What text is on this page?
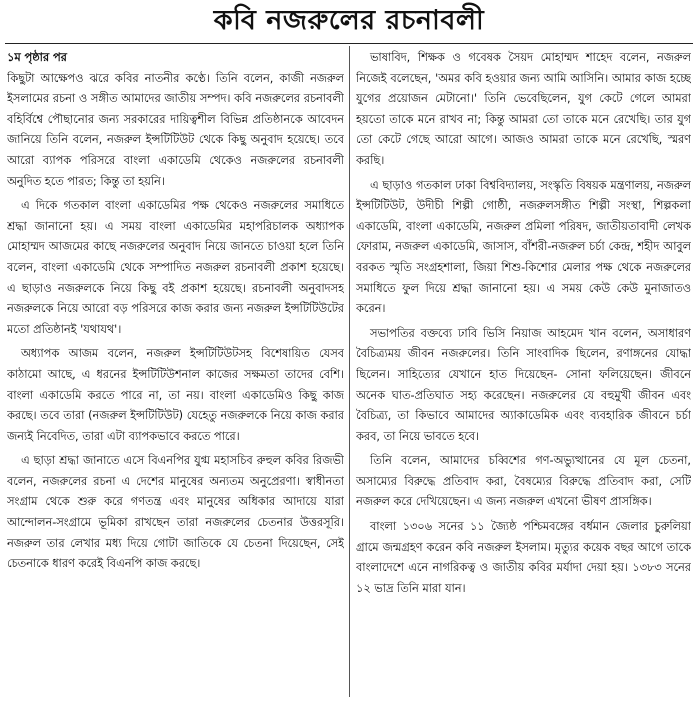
কবি নজরুলের রচনাবলী
১ম পৃষ্ঠার পর

কিছুটা আক্ষেপও ঝরে কবির নাতনীর কণ্ঠে। তিনি বলেন, কাজী নজরুল ইসলামের রচনা ও সঙ্গীত আমাদের জাতীয় সম্পদ। কবি নজরুলের রচনাবলী বহির্বিশ্বে পৌছানোর জন্য সরকারের দায়িত্বশীল বিভিন্ন প্রতিষ্ঠানকে আবেদন জানিয়ে তিনি বলেন, নজরুল ইন্সটিটিউট থেকে কিছু অনুবাদ হয়েছে। তবে আরো ব্যাপক পরিসরে বাংলা একাডেমি থেকেও নজরুলের রচনাবলী অনুদিত হতে পারত; কিন্তু তা হয়নি।

এ দিকে গতকাল বাংলা একাডেমির পক্ষ থেকেও নজরুলের সমাধিতে শ্রদ্ধা জানানো হয়। এ সময় বাংলা একাডেমির মহাপরিচালক অধ্যাপক মোহাম্মদ আজমের কাছে নজরুলের অনুবাদ নিয়ে জানতে চাওয়া হলে তিনি বলেন, বাংলা একাডেমি থেকে সম্পাদিত নজরুল রচনাবলী প্রকাশ হয়েছে। এ ছাড়াও নজরুলকে নিয়ে কিছু বই প্রকাশ হয়েছে। রচনাবলী অনুবাদসহ নজরুলকে নিয়ে আরো বড় পরিসরে কাজ করার জন্য নজরুল ইন্সটিটিউটের মতো প্রতিষ্ঠানই 'যথাযথ'।

অধ্যাপক আজম বলেন, নজরুল ইন্সটিটিউটসহ বিশেষায়িত যেসব কাঠামো আছে, এ ধরনের ইন্সটিটিউশনাল কাজের সক্ষমতা তাদের বেশি। বাংলা একাডেমি করতে পারে না, তা নয়। বাংলা একাডেমিও কিছু কাজ করছে। তবে তারা (নজরুল ইন্সটিটিউট) যেহেতু নজরুলকে নিয়ে কাজ করার জন্যই নিবেদিত, তারা এটা ব্যাপকভাবে করতে পারে।

এ ছাড়া শ্রদ্ধা জানাতে এসে বিএনপির যুগ্ম মহাসচিব রুহুল কবির রিজভী বলেন, নজরুলের রচনা এ দেশের মানুষের অন্যতম অনুপ্রেরণা। স্বাধীনতা সংগ্রাম থেকে শুরু করে গণতন্ত্র এবং মানুষের অধিকার আদায়ে যারা আন্দোলন-সংগ্রামে ভূমিকা রাখছেন তারা নজরুলের চেতনার উত্তরসূরি। নজরুল তার লেখার মধ্য দিয়ে গোটা জাতিকে যে চেতনা দিয়েছেন, সেই চেতনাকে ধারণ করেই বিএনপি কাজ করছে।

ভাষাবিদ, শিক্ষক ও গবেষক সৈয়দ মোহাম্মদ শাহেদ বলেন, নজরুল নিজেই বলেছেন, 'অমর কবি হওয়ার জন্য আমি আসিনি। আমার কাজ হচ্ছে যুগের প্রয়োজন মেটানো।' তিনি ভেবেছিলেন, যুগ কেটে গেলে আমরা হয়তো তাকে মনে রাখব না; কিন্তু আমরা তো তাকে মনে রেখেছি। তার যুগ তো কেটে গেছে আরো আগে। আজও আমরা তাকে মনে রেখেছি, স্মরণ করছি।

এ ছাড়াও গতকাল ঢাকা বিশ্ববিদ্যালয়, সংস্কৃতি বিষয়ক মন্ত্রণালয়, নজরুল ইন্সটিটিউট, উদীচী শিল্পী গোষ্ঠী, নজরুলসঙ্গীত শিল্পী সংস্থা, শিল্পকলা একাডেমি, বাংলা একাডেমি, নজরুল প্রমিলা পরিষদ, জাতীয়তাবাদী লেখক ফোরাম, নজরুল একাডেমি, জাসাস, বাঁশরী-নজরুল চর্চা কেন্দ্র, শহীদ আবুল বরকত স্মৃতি সংগ্রহশালা, জিয়া শিশু-কিশোর মেলার পক্ষ থেকে নজরুলের সমাধিতে ফুল দিয়ে শ্রদ্ধা জানানো হয়। এ সময় কেউ কেউ মুনাজাতও করেন।

সভাপতির বক্তব্যে ঢাবি ভিসি নিয়াজ আহমেদ খান বলেন, অসাধারণ বৈচিত্র্যময় জীবন নজরুলের। তিনি সাংবাদিক ছিলেন, রণাঙ্গনের যোদ্ধা ছিলেন। সাহিত্যের যেখানে হাত দিয়েছেন- সোনা ফলিয়েছেন। জীবনে অনেক ঘাত-প্রতিঘাত সহ্য করেছেন। নজরুলের যে বহুমুখী জীবন এবং বৈচিত্র্য, তা কিভাবে আমাদের অ্যাকাডেমিক এবং ব্যবহারিক জীবনে চর্চা করব, তা নিয়ে ভাবতে হবে।

তিনি বলেন, আমাদের চব্বিশের গণ-অভ্যুত্থানের যে মূল চেতনা, অসাম্যের বিরুদ্ধে প্রতিবাদ করা, বৈষম্যের বিরুদ্ধে প্রতিবাদ করা, সেটি নজরুল করে দেখিয়েছেন। এ জন্য নজরুল এখনো ভীষণ প্রাসঙ্গিক।

বাংলা ১৩০৬ সনের ১১ জ্যৈষ্ঠ পশ্চিমবঙ্গের বর্ধমান জেলার চুরুলিয়া গ্রামে জন্মগ্রহণ করেন কবি নজরুল ইসলাম। মৃত্যুর কয়েক বছর আগে তাকে বাংলাদেশে এনে নাগরিকত্ব ও জাতীয় কবির মর্যাদা দেয়া হয়। ১৩৮৩ সনের ১২ ভাদ্র তিনি মারা যান।
